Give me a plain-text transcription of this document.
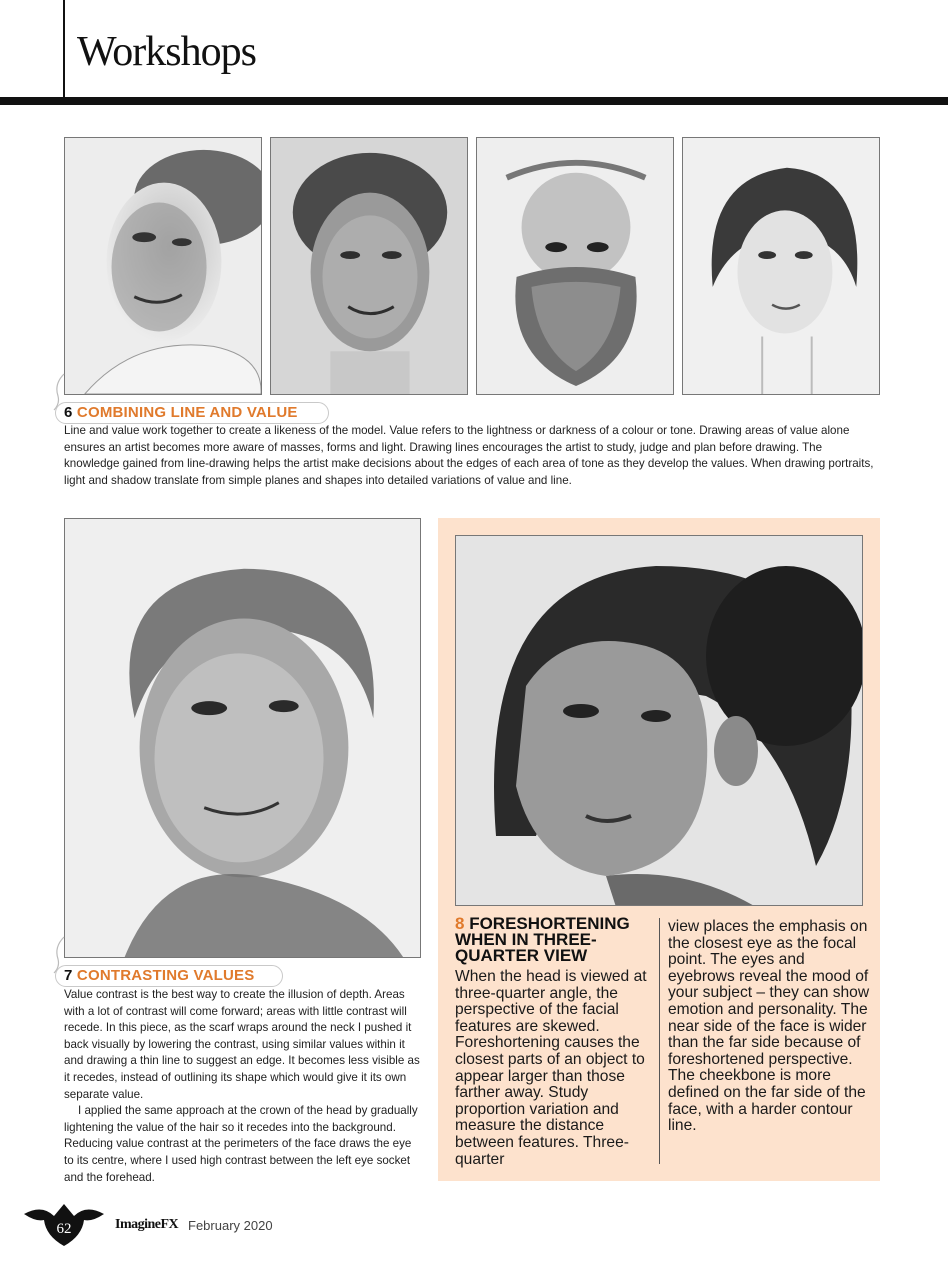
Workshops
6 COMBINING LINE AND VALUE

Line and value work together to create a likeness of the model. Value refers to the lightness or darkness of a colour or tone. Drawing areas of value alone ensures an artist becomes more aware of masses, forms and light. Drawing lines encourages the artist to study, judge and plan before drawing. The knowledge gained from line-drawing helps the artist make decisions about the edges of each area of tone as they develop the values. When drawing portraits, light and shadow translate from simple planes and shapes into detailed variations of value and line.

7 CONTRASTING VALUES

Value contrast is the best way to create the illusion of depth. Areas with a lot of contrast will come forward; areas with little contrast will recede. In this piece, as the scarf wraps around the neck I pushed it back visually by lowering the contrast, using similar values within it and drawing a thin line to suggest an edge. It becomes less visible as it recedes, instead of outlining its shape which would give it its own separate value.

I applied the same approach at the crown of the head by gradually lightening the value of the hair so it recedes into the background. Reducing value contrast at the perimeters of the face draws the eye to its centre, where I used high contrast between the left eye socket and the forehead.

8 FORESHORTENING WHEN IN THREE-QUARTER VIEW
When the head is viewed at three-quarter angle, the perspective of the facial features are skewed. Foreshortening causes the closest parts of an object to appear larger than those farther away. Study proportion variation and measure the distance between features. Three-quarter
view places the emphasis on the closest eye as the focal point. The eyes and eyebrows reveal the mood of your subject – they can show emotion and personality. The near side of the face is wider than the far side because of foreshortened perspective. The cheekbone is more defined on the far side of the face, with a harder contour line.
62	ImagineFX February 2020
